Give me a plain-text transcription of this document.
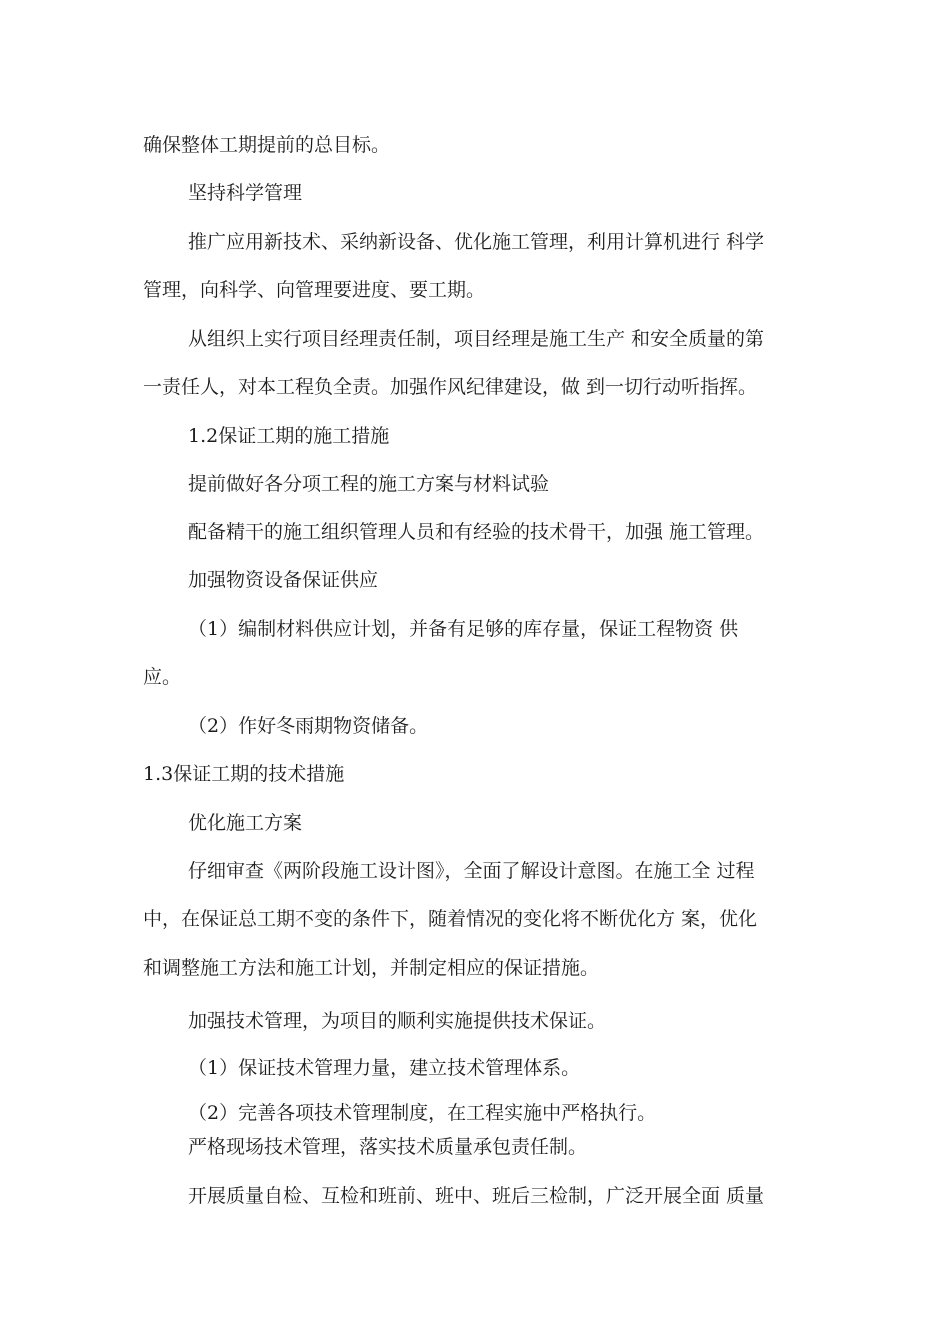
确保整体工期提前的总目标。
坚持科学管理
推广应用新技术、采纳新设备、优化施工管理，利用计算机进行 科学
管理，向科学、向管理要进度、要工期。
从组织上实行项目经理责任制，项目经理是施工生产 和安全质量的第
一责任人，对本工程负全责。加强作风纪律建设，做 到一切行动听指挥。
1.2保证工期的施工措施
提前做好各分项工程的施工方案与材料试验
配备精干的施工组织管理人员和有经验的技术骨干，加强 施工管理。
加强物资设备保证供应
（1）编制材料供应计划，并备有足够的库存量，保证工程物资 供
应。
（2）作好冬雨期物资储备。
1.3保证工期的技术措施
优化施工方案
仔细审查《两阶段施工设计图》，全面了解设计意图。在施工全 过程
中，在保证总工期不变的条件下，随着情况的变化将不断优化方 案，优化
和调整施工方法和施工计划，并制定相应的保证措施。
加强技术管理，为项目的顺利实施提供技术保证。
（1）保证技术管理力量，建立技术管理体系。
（2）完善各项技术管理制度，在工程实施中严格执行。
严格现场技术管理，落实技术质量承包责任制。
开展质量自检、互检和班前、班中、班后三检制，广泛开展全面 质量
